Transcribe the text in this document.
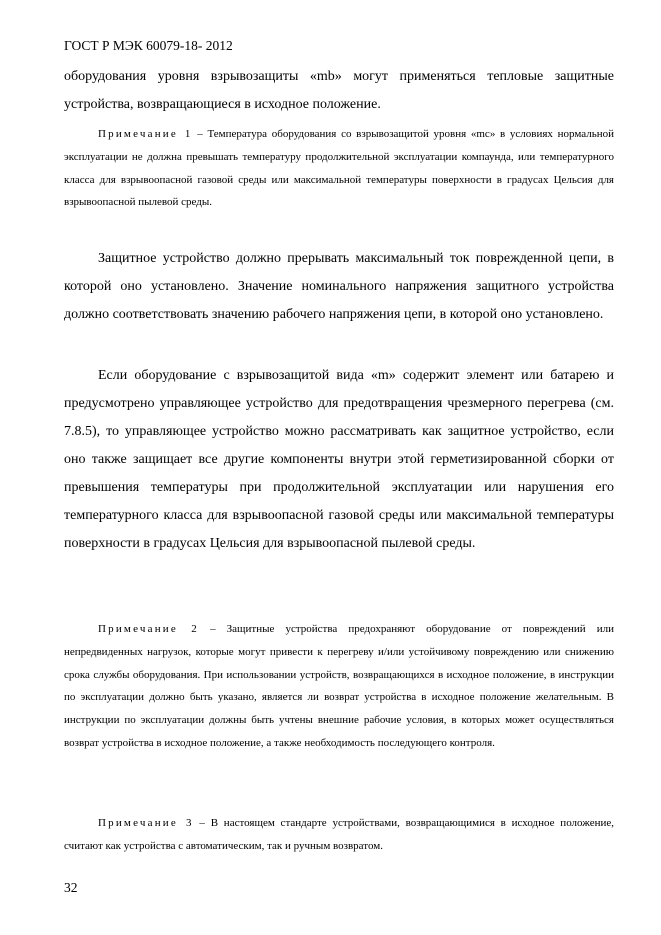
ГОСТ Р МЭК 60079-18- 2012

оборудования уровня взрывозащиты «mb» могут применяться тепловые защитные устройства, возвращающиеся в исходное положение.

Примечание 1 – Температура оборудования со взрывозащитой уровня «mc» в условиях нормальной эксплуатации не должна превышать температуру продолжительной эксплуатации компаунда, или температурного класса для взрывоопасной газовой среды или максимальной температуры поверхности в градусах Цельсия для взрывоопасной пылевой среды.

Защитное устройство должно прерывать максимальный ток поврежденной цепи, в которой оно установлено. Значение номинального напряжения защитного устройства должно соответствовать значению рабочего напряжения цепи, в которой оно установлено.

Если оборудование с взрывозащитой вида «m» содержит элемент или батарею и предусмотрено управляющее устройство для предотвращения чрезмерного перегрева (см. 7.8.5), то управляющее устройство можно рассматривать как защитное устройство, если оно также защищает все другие компоненты внутри этой герметизированной сборки от превышения температуры при продолжительной эксплуатации или нарушения его температурного класса для взрывоопасной газовой среды или максимальной температуры поверхности в градусах Цельсия для взрывоопасной пылевой среды.

Примечание 2 – Защитные устройства предохраняют оборудование от повреждений или непредвиденных нагрузок, которые могут привести к перегреву и/или устойчивому повреждению или снижению срока службы оборудования. При использовании устройств, возвращающихся в исходное положение, в инструкции по эксплуатации должно быть указано, является ли возврат устройства в исходное положение желательным. В инструкции по эксплуатации должны быть учтены внешние рабочие условия, в которых может осуществляться возврат устройства в исходное положение, а также необходимость последующего контроля.

Примечание 3 – В настоящем стандарте устройствами, возвращающимися в исходное положение, считают как устройства с автоматическим, так и ручным возвратом.

32
